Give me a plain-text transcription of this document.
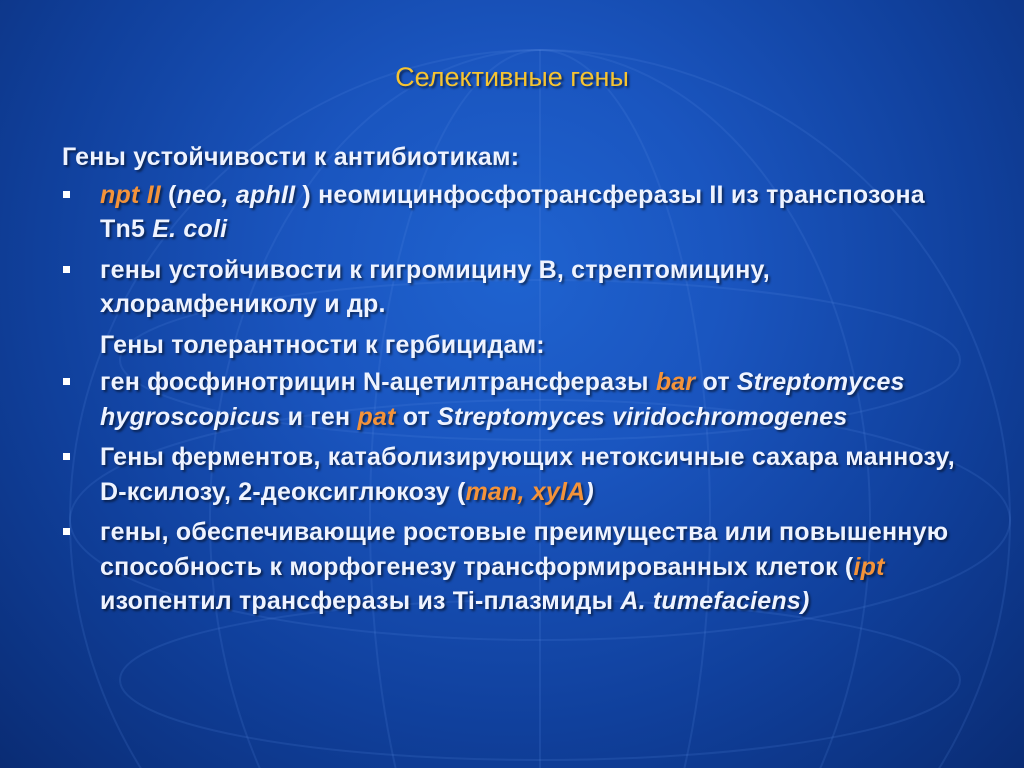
Селективные гены
Гены устойчивости к антибиотикам:
npt II (neo, aphII ) неомицинфосфотрансферазы II из транспозона Tn5 E. coli
гены устойчивости к гигромицину В, стрептомицину, хлорамфениколу и др.
Гены толерантности к гербицидам:
ген фосфинотрицин N-ацетилтрансферазы bar от Streptomyces hygroscopicus и ген pat от Streptomyces viridochromogenes
Гены ферментов, катаболизирующих нетоксичные сахара маннозу, D-ксилозу, 2-деоксиглюкозу (man, xylA)
гены, обеспечивающие ростовые преимущества или повышенную способность к морфогенезу трансформированных клеток (ipt изопентил трансферазы из Ti-плазмиды A. tumefaciens)
